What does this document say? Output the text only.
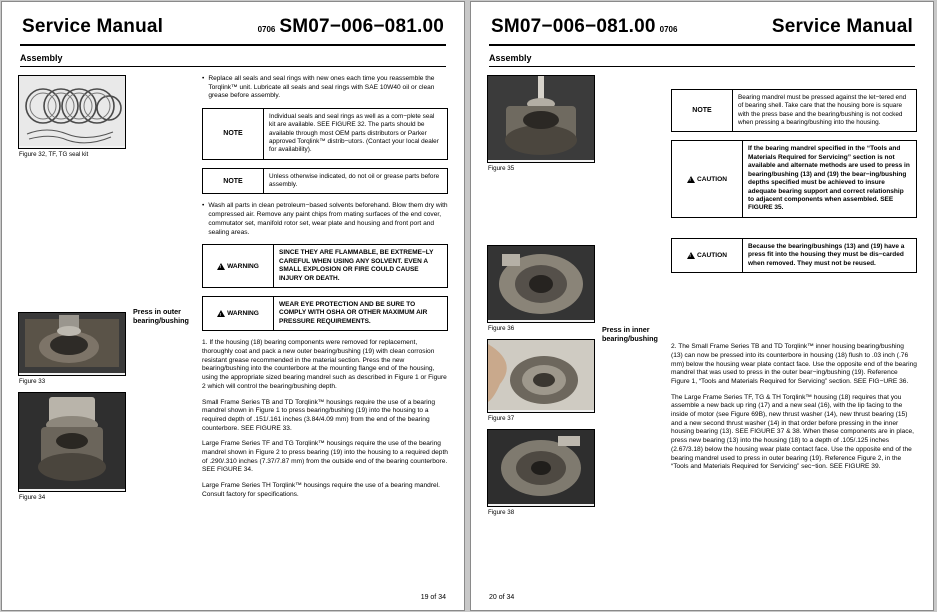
Service Manual	0706 SM07−006−081.00
Assembly
Figure 32, TF, TG seal kit
Figure 33
Figure 34
Press in outer bearing/bushing
• Replace all seals and seal rings with new ones each time you reassemble the Torqlink™ unit. Lubricate all seals and seal rings with SAE 10W40 oil or clean grease before assembly.
NOTE
Individual seals and seal rings as well as a com−plete seal kit are available. SEE FIGURE 32. The parts should be available through most OEM parts distributors or Parker approved Torqlink™ distrib−utors. (Contact your local dealer for availability).
NOTE
Unless otherwise indicated, do not oil or grease parts before assembly.
• Wash all parts in clean petroleum−based solvents beforehand. Blow them dry with compressed air. Remove any paint chips from mating surfaces of the end cover, commutator set, manifold rotor set, wear plate and housing and front port and sealing areas.
!
WARNING
SINCE THEY ARE FLAMMABLE, BE EXTREME−LY CAREFUL WHEN USING ANY SOLVENT. EVEN A SMALL EXPLOSION OR FIRE COULD CAUSE INJURY OR DEATH.
!
WARNING
WEAR EYE PROTECTION AND BE SURE TO COMPLY WITH OSHA OR OTHER MAXIMUM AIR PRESSURE REQUIREMENTS.
1. If the housing (18) bearing components were removed for replacement, thoroughly coat and pack a new outer bearing/bushing (19) with clean corrosion resistant grease recommended in the material section. Press the new bearing/bushing into the counterbore at the mounting flange end of the housing, using the appropriate sized bearing mandrel such as described in Figure 1 or Figure 2 which will control the bearing/bushing depth.
Small Frame Series TB and TD Torqlink™ housings require the use of a bearing mandrel shown in Figure 1 to press bearing/bushing (19) into the housing to a required depth of .151/.161 inches (3.84/4.09 mm) from the end of the bearing counterbore. SEE FIGURE 33.
Large Frame Series TF and TG Torqlink™ housings require the use of the bearing mandrel shown in Figure 2 to press bearing (19) into the housing to a required depth of .290/.310 inches (7.37/7.87 mm) from the outside end of the bearing counterbore. SEE FIGURE 34.
Large Frame Series TH Torqlink™ housings require the use of a bearing mandrel. Consult factory for specifications.
19 of 34
SM07−006−081.00 0706	Service Manual
Assembly
Figure 35
Figure 36
Figure 37
Figure 38
Press in inner bearing/bushing
NOTE
Bearing mandrel must be pressed against the let−tered end of bearing shell. Take care that the housing bore is square with the press base and the bearing/bushing is not cocked when pressing a bearing/bushing into the housing.
!
CAUTION
If the bearing mandrel specified in the “Tools and Materials Required for Servicing” section is not available and alternate methods are used to press in bearing/bushing (13) and (19) the bear−ing/bushing depths specified must be achieved to insure adequate bearing support and correct relationship to adjacent components when assembled. SEE FIGURE 35.
!
CAUTION
Because the bearing/bushings (13) and (19) have a press fit into the housing they must be dis−carded when removed. They must not be reused.
2. The Small Frame Series TB and TD Torqlink™ inner housing bearing/bushing (13) can now be pressed into its counterbore in housing (18) flush to .03 inch (.76 mm) below the housing wear plate contact face. Use the opposite end of the bearing mandrel that was used to press in the outer bear−ing/bushing (19). Reference Figure 1, “Tools and Materials Required for Servicing” section. SEE FIG−URE 36.
The Large Frame Series TF, TG & TH Torqlink™ housing (18) requires that you assemble a new back up ring (17) and a new seal (16), with the lip facing to the inside of motor (see Figure 69B), new thrust washer (14), new thrust bearing (15) and a new second thrust washer (14) in that order before pressing in the inner housing bearing (13). SEE FIGURE 37 & 38. When these components are in place, press new bearing (13) into the housing (18) to a depth of .105/.125 inches (2.67/3.18) below the housing wear plate contact face. Use the opposite end of the bearing mandrel used to press in outer bearing (19). Reference Figure 2, in the “Tools and Materials Required for Servicing” sec−tion. SEE FIGURE 39.
20 of 34
